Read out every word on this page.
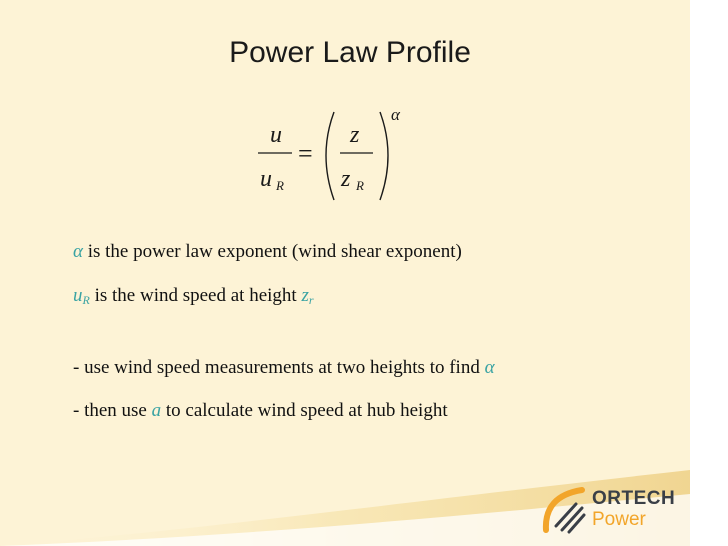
Power Law Profile
u
u R
=
z
z R
α
α is the power law exponent (wind shear exponent)
$u_R$ is the wind speed at height $z_r$
- use wind speed measurements at two heights to find α
- then use a to calculate wind speed at hub height
ORTECH
Power
